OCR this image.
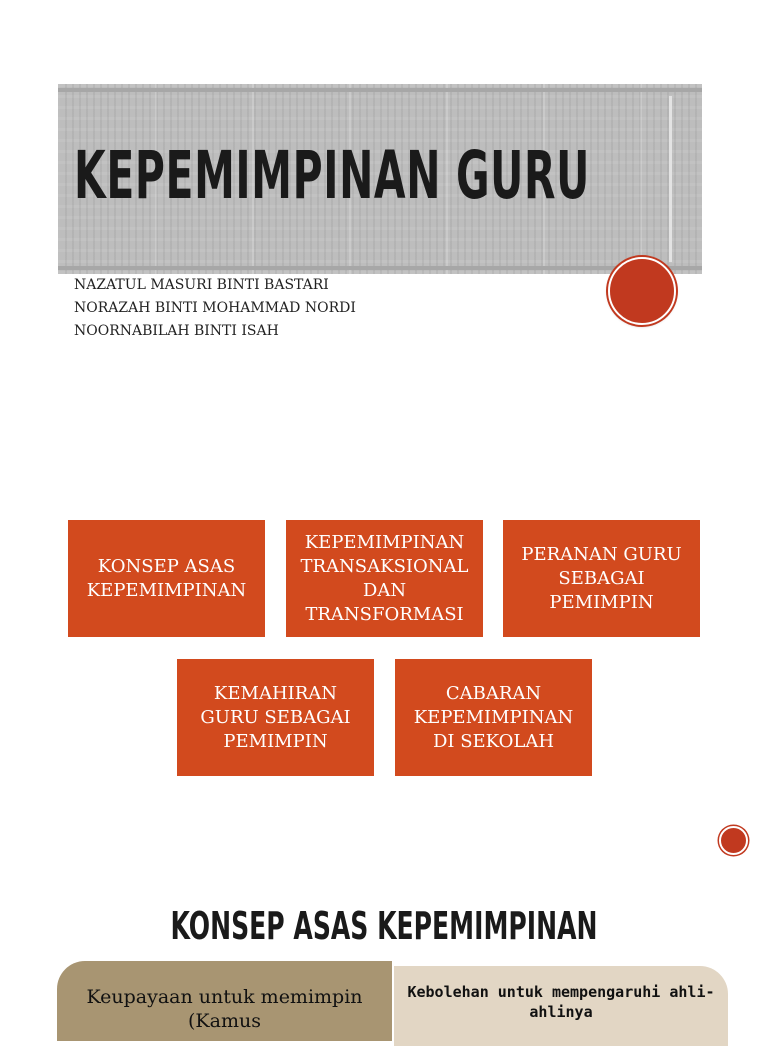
KEPEMIMPINAN GURU
NAZATUL MASURI BINTI BASTARI
NORAZAH BINTI MOHAMMAD NORDI
NOORNABILAH BINTI ISAH
KONSEP ASAS
KEPEMIMPINAN
KEPEMIMPINAN
TRANSAKSIONAL
DAN
TRANSFORMASI
PERANAN GURU
SEBAGAI
PEMIMPIN
KEMAHIRAN
GURU SEBAGAI
PEMIMPIN
CABARAN
KEPEMIMPINAN
DI SEKOLAH
KONSEP ASAS KEPEMIMPINAN
Keupayaan untuk memimpin (Kamus
Kebolehan untuk mempengaruhi ahli-ahlinya
